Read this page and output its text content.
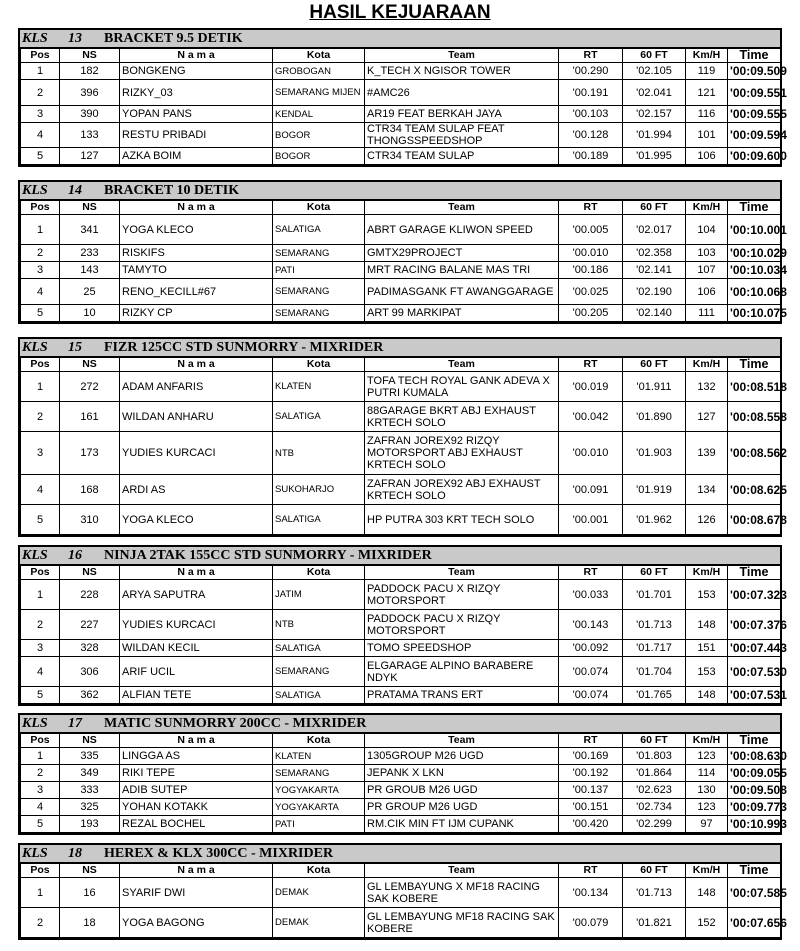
HASIL KEJUARAAN
KLS 13 BRACKET 9.5 DETIK
Pos	NS	N a m a	Kota	Team	RT	60 FT	Km/H	Time
1	182	BONGKENG	GROBOGAN	K_TECH X NGISOR TOWER	'00.290	'02.105	119	'00:09.509
2	396	RIZKY_03	SEMARANG MIJEN	#AMC26	'00.191	'02.041	121	'00:09.551
3	390	YOPAN PANS	KENDAL	AR19 FEAT BERKAH JAYA	'00.103	'02.157	116	'00:09.555
4	133	RESTU PRIBADI	BOGOR	CTR34 TEAM SULAP FEAT THONGSSPEEDSHOP	'00.128	'01.994	101	'00:09.594
5	127	AZKA BOIM	BOGOR	CTR34 TEAM SULAP	'00.189	'01.995	106	'00:09.600
KLS 14 BRACKET 10 DETIK
Pos	NS	N a m a	Kota	Team	RT	60 FT	Km/H	Time
1	341	YOGA KLECO	SALATIGA	ABRT GARAGE KLIWON SPEED	'00.005	'02.017	104	'00:10.001
2	233	RISKIFS	SEMARANG	GMTX29PROJECT	'00.010	'02.358	103	'00:10.029
3	143	TAMYTO	PATI	MRT RACING BALANE MAS TRI	'00.186	'02.141	107	'00:10.034
4	25	RENO_KECILL#67	SEMARANG	PADIMASGANK FT AWANGGARAGE	'00.025	'02.190	106	'00:10.068
5	10	RIZKY CP	SEMARANG	ART 99 MARKIPAT	'00.205	'02.140	111	'00:10.075
KLS 15 FIZR 125CC STD SUNMORRY - MIXRIDER
Pos	NS	N a m a	Kota	Team	RT	60 FT	Km/H	Time
1	272	ADAM ANFARIS	KLATEN	TOFA TECH ROYAL GANK ADEVA X PUTRI KUMALA	'00.019	'01.911	132	'00:08.518
2	161	WILDAN ANHARU	SALATIGA	88GARAGE BKRT ABJ EXHAUST KRTECH SOLO	'00.042	'01.890	127	'00:08.558
3	173	YUDIES KURCACI	NTB	ZAFRAN JOREX92 RIZQY MOTORSPORT ABJ EXHAUST KRTECH SOLO	'00.010	'01.903	139	'00:08.562
4	168	ARDI AS	SUKOHARJO	ZAFRAN JOREX92 ABJ EXHAUST KRTECH SOLO	'00.091	'01.919	134	'00:08.625
5	310	YOGA KLECO	SALATIGA	HP PUTRA 303 KRT TECH SOLO	'00.001	'01.962	126	'00:08.678
KLS 16 NINJA 2TAK 155CC STD SUNMORRY - MIXRIDER
Pos	NS	N a m a	Kota	Team	RT	60 FT	Km/H	Time
1	228	ARYA SAPUTRA	JATIM	PADDOCK PACU X RIZQY MOTORSPORT	'00.033	'01.701	153	'00:07.323
2	227	YUDIES KURCACI	NTB	PADDOCK PACU X RIZQY MOTORSPORT	'00.143	'01.713	148	'00:07.376
3	328	WILDAN KECIL	SALATIGA	TOMO SPEEDSHOP	'00.092	'01.717	151	'00:07.443
4	306	ARIF UCIL	SEMARANG	ELGARAGE ALPINO BARABERE NDYK	'00.074	'01.704	153	'00:07.530
5	362	ALFIAN TETE	SALATIGA	PRATAMA TRANS ERT	'00.074	'01.765	148	'00:07.531
KLS 17 MATIC SUNMORRY 200CC - MIXRIDER
Pos	NS	N a m a	Kota	Team	RT	60 FT	Km/H	Time
1	335	LINGGA AS	KLATEN	1305GROUP M26 UGD	'00.169	'01.803	123	'00:08.630
2	349	RIKI TEPE	SEMARANG	JEPANK X LKN	'00.192	'01.864	114	'00:09.055
3	333	ADIB SUTEP	YOGYAKARTA	PR GROUB M26 UGD	'00.137	'02.623	130	'00:09.508
4	325	YOHAN KOTAKK	YOGYAKARTA	PR GROUP M26 UGD	'00.151	'02.734	123	'00:09.773
5	193	REZAL BOCHEL	PATI	RM.CIK MIN FT IJM CUPANK	'00.420	'02.299	97	'00:10.993
KLS 18 HEREX & KLX 300CC - MIXRIDER
Pos	NS	N a m a	Kota	Team	RT	60 FT	Km/H	Time
1	16	SYARIF DWI	DEMAK	GL LEMBAYUNG X MF18 RACING SAK KOBERE	'00.134	'01.713	148	'00:07.585
2	18	YOGA BAGONG	DEMAK	GL LEMBAYUNG MF18 RACING SAK KOBERE	'00.079	'01.821	152	'00:07.656
